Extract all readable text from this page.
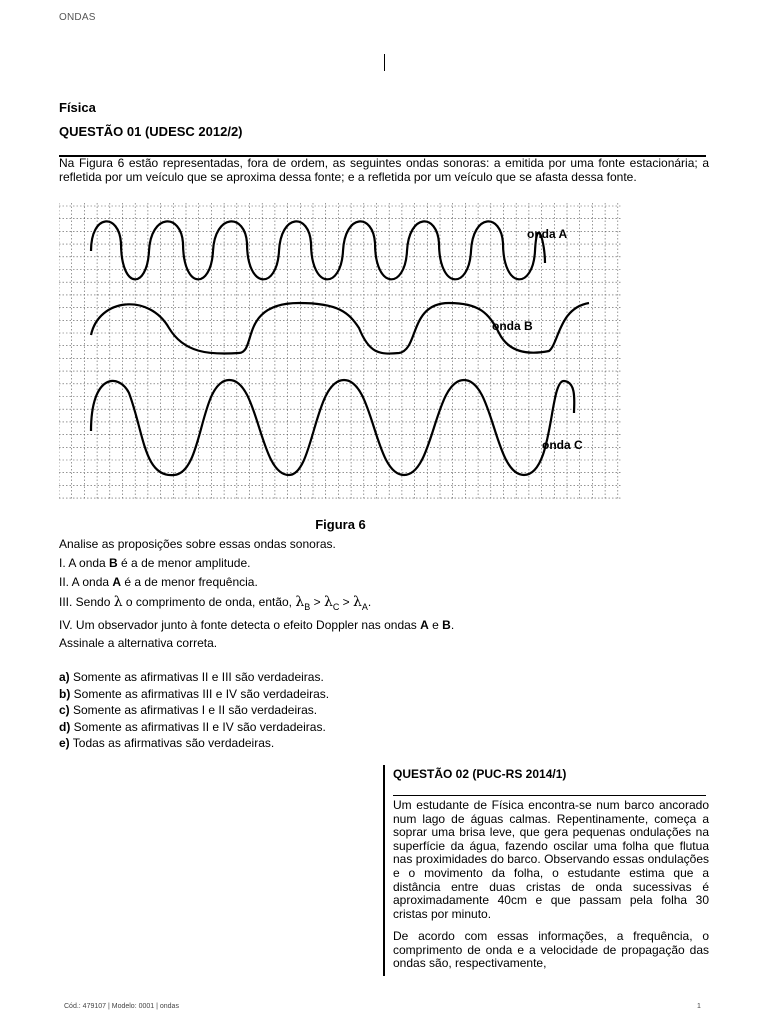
ONDAS
Física
QUESTÃO 01 (UDESC 2012/2)
Na Figura 6 estão representadas, fora de ordem, as seguintes ondas sonoras: a emitida por uma fonte estacionária; a refletida por um veículo que se aproxima dessa fonte; e a refletida por um veículo que se afasta dessa fonte.
onda A
onda B
onda C
Figura 6
Analise as proposições sobre essas ondas sonoras.
I. A onda B é a de menor amplitude.
II. A onda A é a de menor frequência.
III. Sendo λ o comprimento de onda, então, $\lambda_B > \lambda_C > \lambda_A$.
IV. Um observador junto à fonte detecta o efeito Doppler nas ondas A e B.
Assinale a alternativa correta.
a) Somente as afirmativas II e III são verdadeiras.
b) Somente as afirmativas III e IV são verdadeiras.
c) Somente as afirmativas I e II são verdadeiras.
d) Somente as afirmativas II e IV são verdadeiras.
e) Todas as afirmativas são verdadeiras.
QUESTÃO 02 (PUC-RS 2014/1)
Um estudante de Física encontra-se num barco ancorado num lago de águas calmas. Repentinamente, começa a soprar uma brisa leve, que gera pequenas ondulações na superfície da água, fazendo oscilar uma folha que flutua nas proximidades do barco. Observando essas ondulações e o movimento da folha, o estudante estima que a distância entre duas cristas de onda sucessivas é aproximadamente 40cm e que passam pela folha 30 cristas por minuto.
De acordo com essas informações, a frequência, o comprimento de onda e a velocidade de propagação das ondas são, respectivamente,
Cód.: 479107 | Modelo: 0001 | ondas	1
